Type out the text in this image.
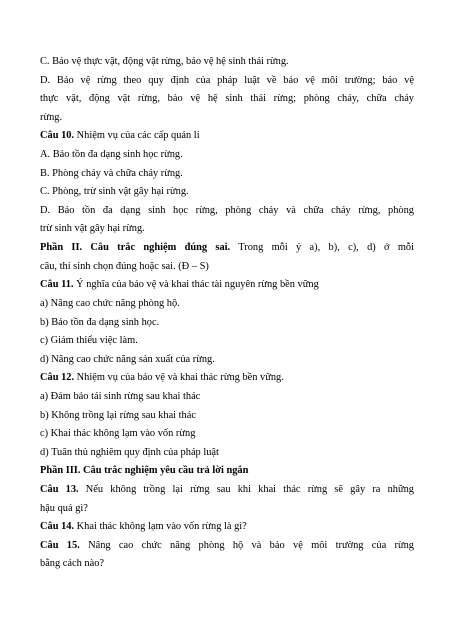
C. Bảo vệ thực vật, động vật rừng, bảo vệ hệ sinh thái rừng.
D. Bảo vệ rừng theo quy định của pháp luật về bảo vệ môi trường; bảo vệ
thực vật, động vật rừng, bảo vệ hệ sinh thái rừng; phòng cháy, chữa cháy
rừng.
Câu 10. Nhiệm vụ của các cấp quản lí
A. Bảo tồn đa dạng sinh học rừng.
B. Phòng cháy và chữa cháy rừng.
C. Phòng, trừ sinh vật gây hại rừng.
D. Bảo tồn đa dạng sinh học rừng, phòng cháy và chữa cháy rừng, phòng
trừ sinh vật gây hại rừng.
Phần II. Câu trắc nghiệm đúng sai. Trong mỗi ý a), b), c), d) ở mỗi
câu, thí sinh chọn đúng hoặc sai. (Đ – S)
Câu 11. Ý nghĩa của bảo vệ và khai thác tài nguyên rừng bền vững
a) Nâng cao chức năng phòng hộ.
b) Bảo tồn đa dạng sinh học.
c) Giảm thiểu việc làm.
d) Nâng cao chức năng sản xuất của rừng.
Câu 12. Nhiệm vụ của bảo vệ và khai thác rừng bền vững.
a) Đảm bảo tái sinh rừng sau khai thác
b) Không trồng lại rừng sau khai thác
c) Khai thác không lạm vào vốn rừng
d) Tuân thủ nghiêm quy định của pháp luật
Phần III. Câu trắc nghiệm yêu cầu trả lời ngắn
Câu 13. Nếu không trồng lại rừng sau khi khai thác rừng sẽ gây ra những
hậu quả gì?
Câu 14. Khai thác không lạm vào vốn rừng là gì?
Câu 15. Nâng cao chức năng phòng hộ và bảo vệ môi trường của rừng
bằng cách nào?
